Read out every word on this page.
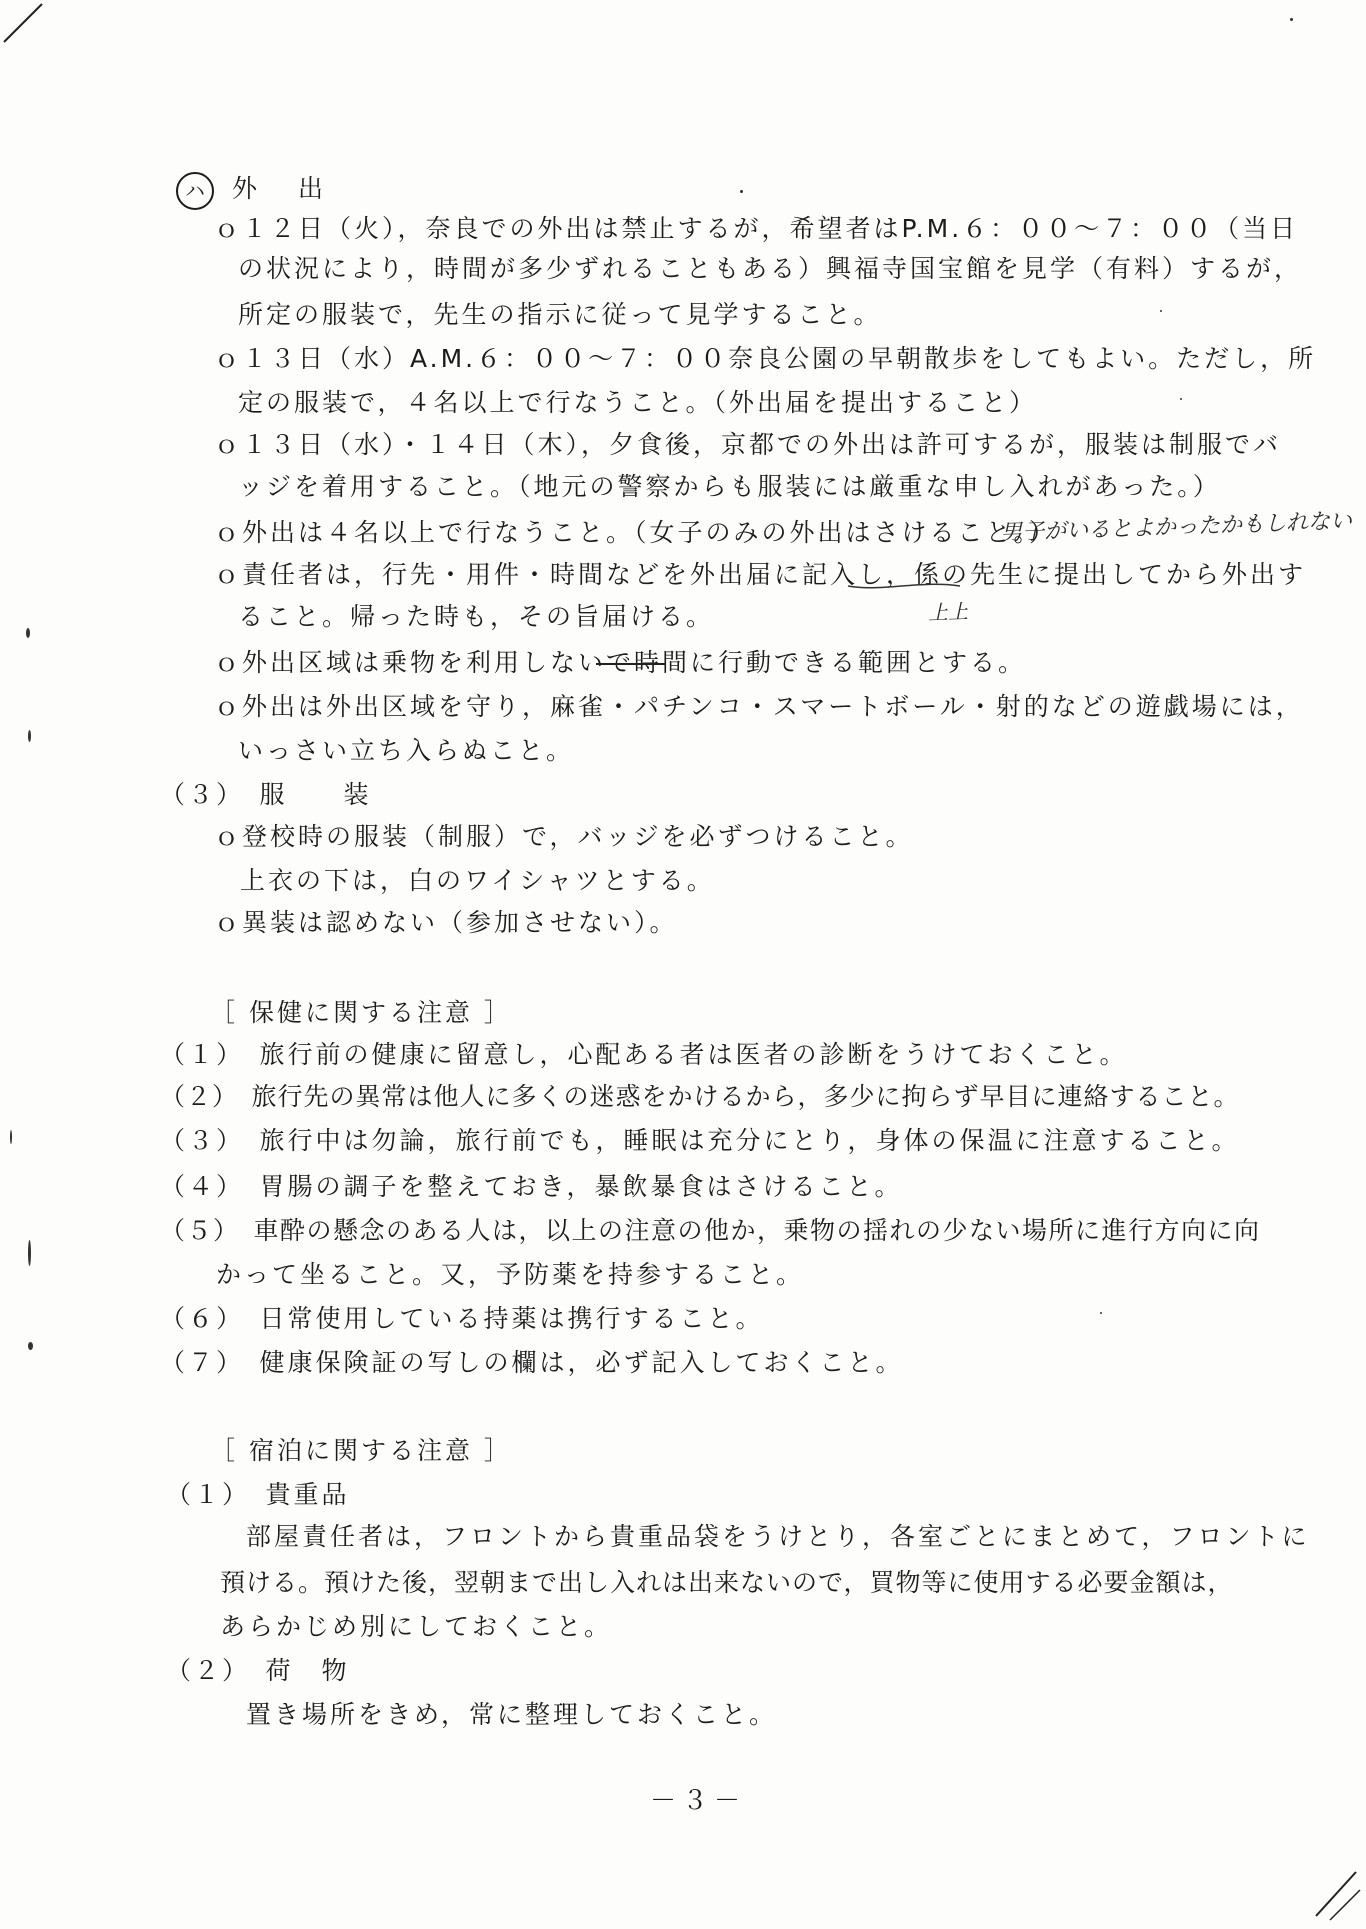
ハ	外　出
ｏ１２日（火），奈良での外出は禁止するが，希望者はP.M.６：００～７：００（当日
の状況により，時間が多少ずれることもある）興福寺国宝館を見学（有料）するが，
所定の服装で，先生の指示に従って見学すること。
ｏ１３日（水）A.M.６：００～７：００奈良公園の早朝散歩をしてもよい。ただし，所
定の服装で，４名以上で行なうこと。（外出届を提出すること）
ｏ１３日（水）・１４日（木），夕食後，京都での外出は許可するが，服装は制服でバ
ッジを着用すること。（地元の警察からも服装には厳重な申し入れがあった。）
ｏ外出は４名以上で行なうこと。（女子のみの外出はさけること。）
男子がいるとよかったかもしれない
ｏ責任者は，行先・用件・時間などを外出届に記入し，係の先生に提出してから外出す
ること。帰った時も，その旨届ける。	上上
ｏ外出区域は乗物を利用しないで時間に行動できる範囲とする。
ｏ外出は外出区域を守り，麻雀・パチンコ・スマートボール・射的などの遊戯場には，
いっさい立ち入らぬこと。
（３）　服　　装
ｏ登校時の服装（制服）で，バッジを必ずつけること。
上衣の下は，白のワイシャツとする。
ｏ異装は認めない（参加させない）。
［ 保健に関する注意 ］
（１）　旅行前の健康に留意し，心配ある者は医者の診断をうけておくこと。
（２）　旅行先の異常は他人に多くの迷惑をかけるから，多少に拘らず早目に連絡すること。
（３）　旅行中は勿論，旅行前でも，睡眠は充分にとり，身体の保温に注意すること。
（４）　胃腸の調子を整えておき，暴飲暴食はさけること。
（５）　車酔の懸念のある人は，以上の注意の他か，乗物の揺れの少ない場所に進行方向に向
かって坐ること。又，予防薬を持参すること。
（６）　日常使用している持薬は携行すること。
（７）　健康保険証の写しの欄は，必ず記入しておくこと。
［ 宿泊に関する注意 ］
（１）　貴重品
部屋責任者は，フロントから貴重品袋をうけとり，各室ごとにまとめて，フロントに
預ける。預けた後，翌朝まで出し入れは出来ないので，買物等に使用する必要金額は，
あらかじめ別にしておくこと。
（２）　荷　物
置き場所をきめ，常に整理しておくこと。
－３－
